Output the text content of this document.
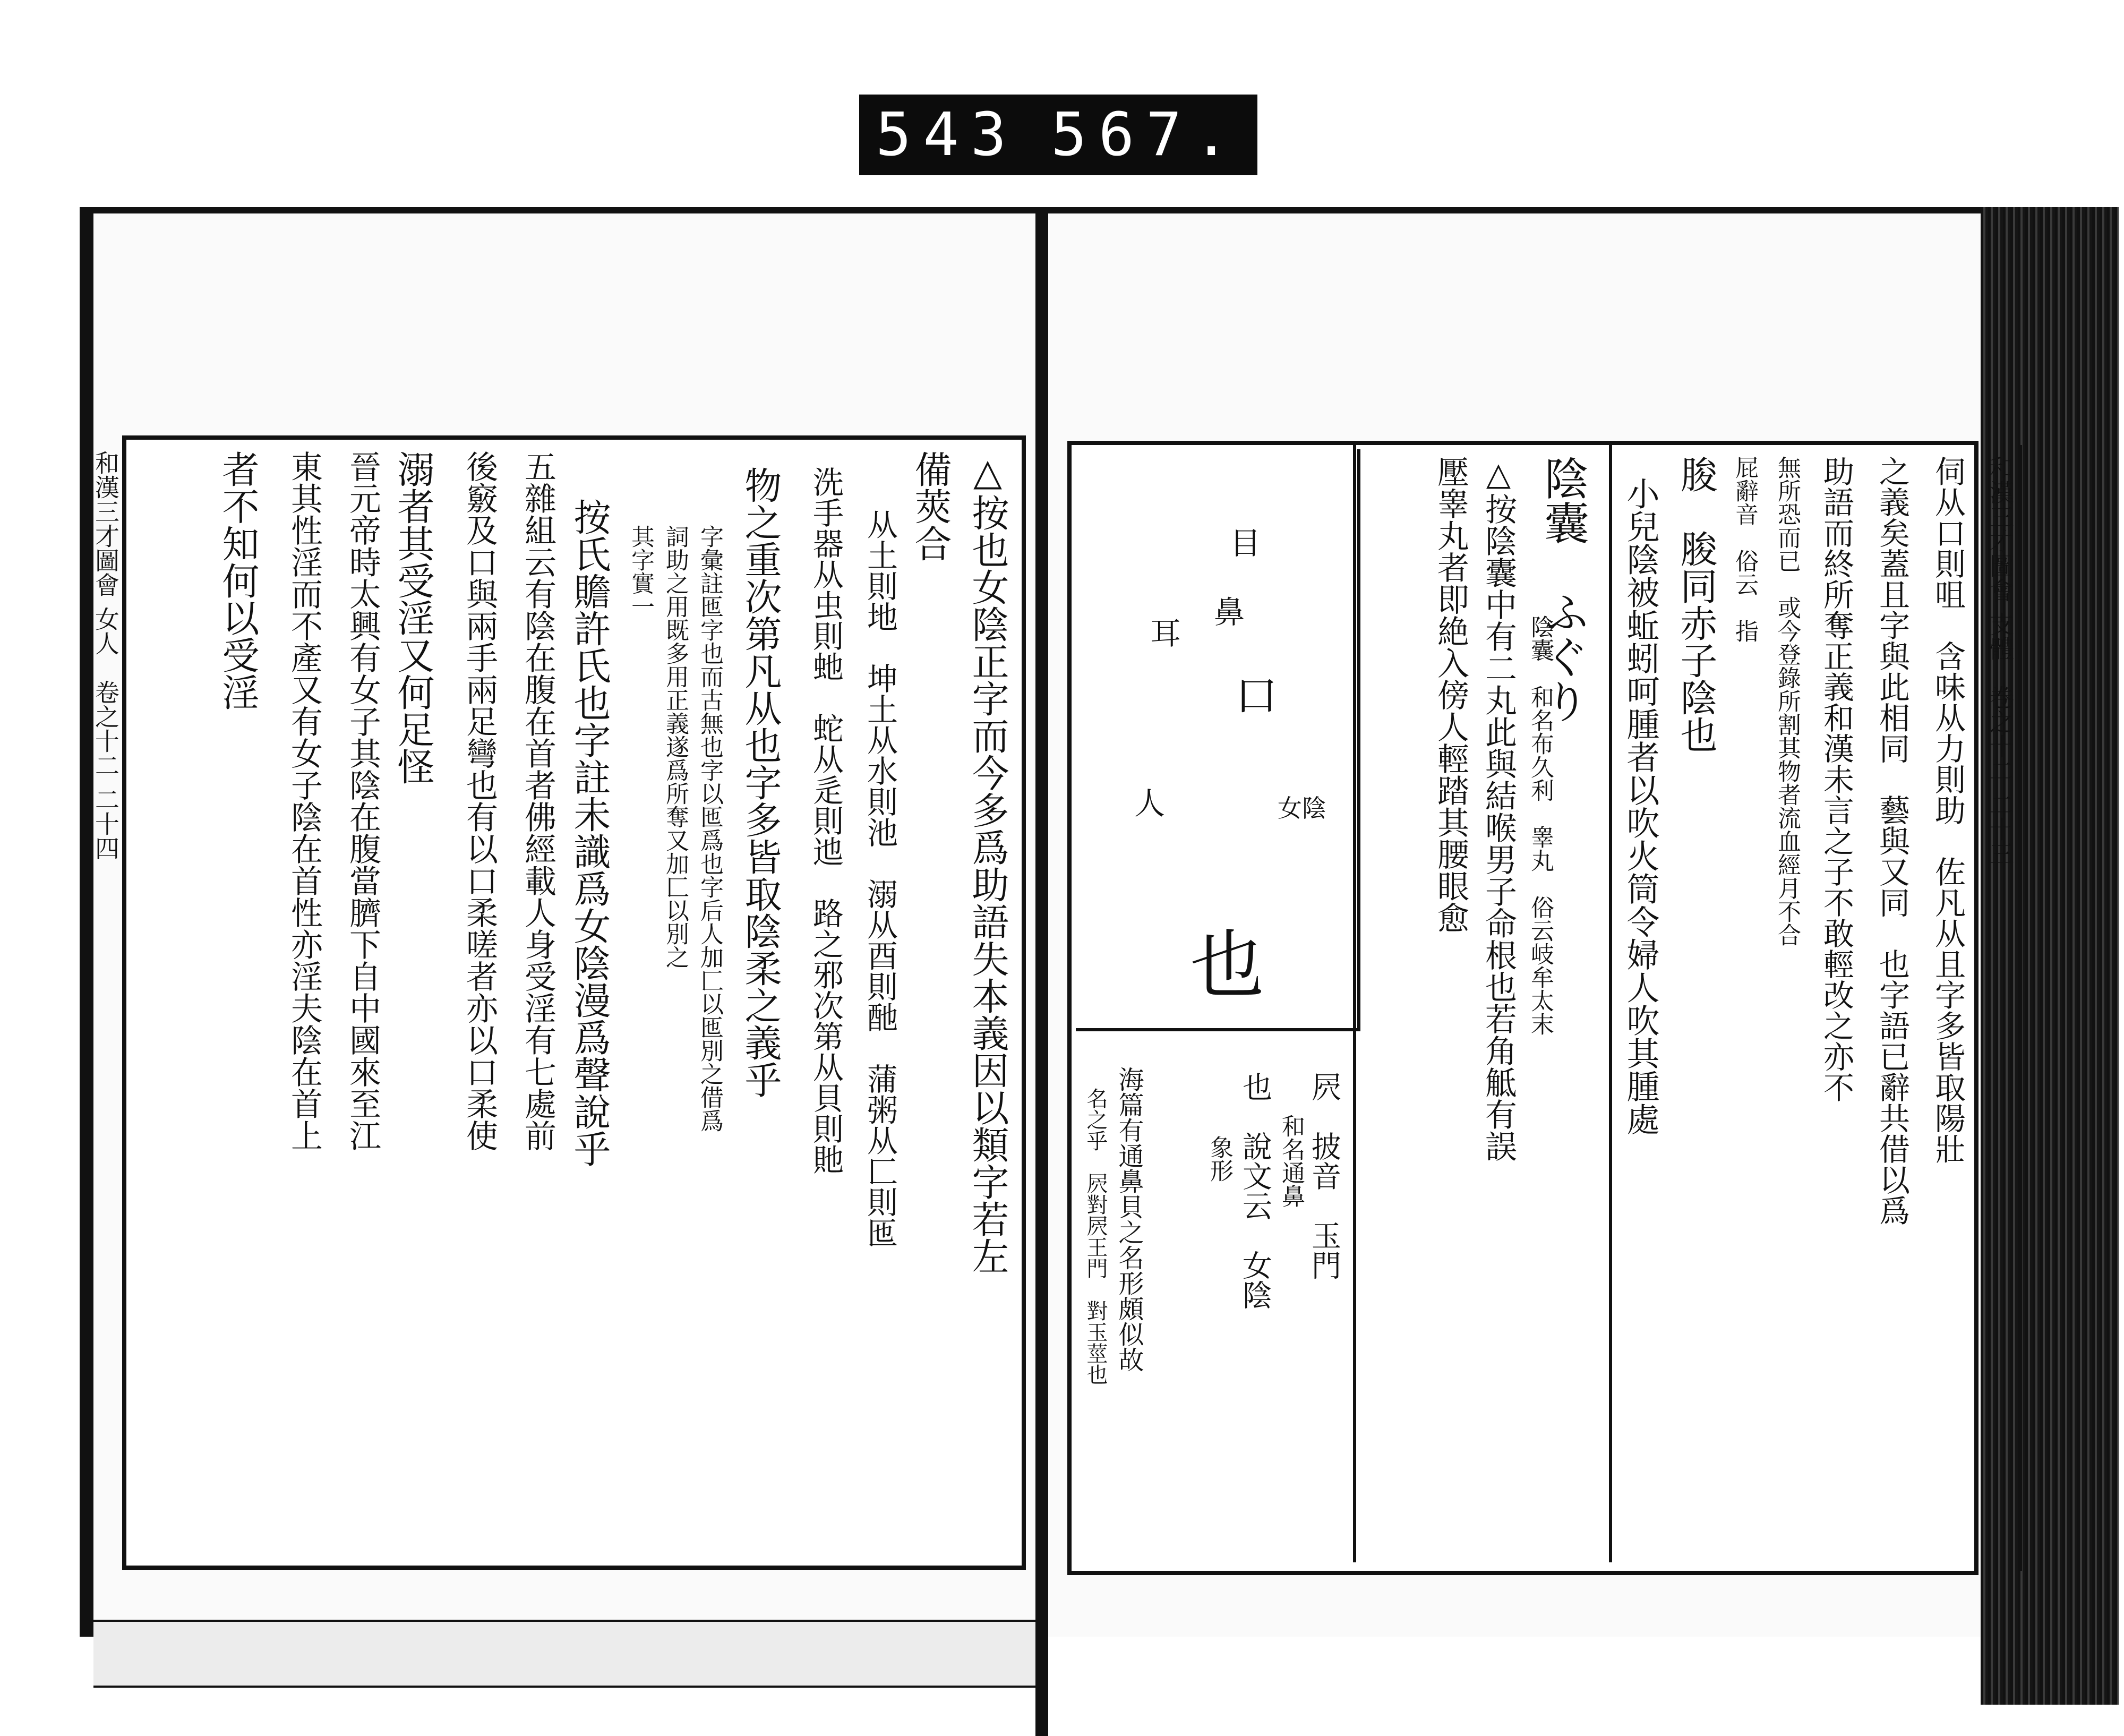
543 567.
和漢三才圖會
女人　卷之十二
二十四	△按也女陰正字而今多爲助語失本義因以類字若左
備莢合
从土則地　坤土从水則池　溺从酉則酏　蒲粥从匚則匜
洗手器从虫則虵　蛇从辵則迆　路之邪次第从貝則貤
物之重次第凡从也字多皆取陰柔之義乎
字彙註匜字也而古無也字以匜爲也字后人加匚以匜別之借爲
詞助之用既多用正義遂爲所奪又加匚以別之
其字實一
按氏贍許氏也字註未識爲女陰漫爲聲說乎
五雜組云有陰在腹在首者佛經載人身受淫有七處前
後竅及口與兩手兩足彎也有以口柔嗟者亦以口柔使
溺者其受淫又何足怪
晉元帝時太興有女子其陰在腹當臍下自中國來至江
東其性淫而不產又有女子陰在首性亦淫夫陰在首上
者不知何以受淫	和漢三才圖會
支體　卷之十二
二十三
伺从口則咀　含味从力則助　佐凡从且字多皆取陽壯
之義矣蓋且字與此相同　藝與又同　也字語已辭共借以爲
助語而終所奪正義和漢未言之子不敢輕改之亦不
無所恐而已　或今登錄所割其物者流血經月不合
屁辭音　俗云　指
朘　脧同赤子陰也
小兒陰被蚯蚓呵腫者以吹火筒令婦人吹其腫處
陰囊　ふぐり
陰囊　和名布久利　睾丸　俗云岐牟太末
△按陰囊中有二丸此與結喉男子命根也若角觝有誤
壓睾丸者即絶入傍人輕踏其腰眼愈
屄　披音　玉門
和名通鼻
也　說文云　女陰
象形
海篇有通鼻貝之名形頗似故
名之乎　屄對屄王門　對玉莖也
目
鼻
耳
口
人	女陰
也
